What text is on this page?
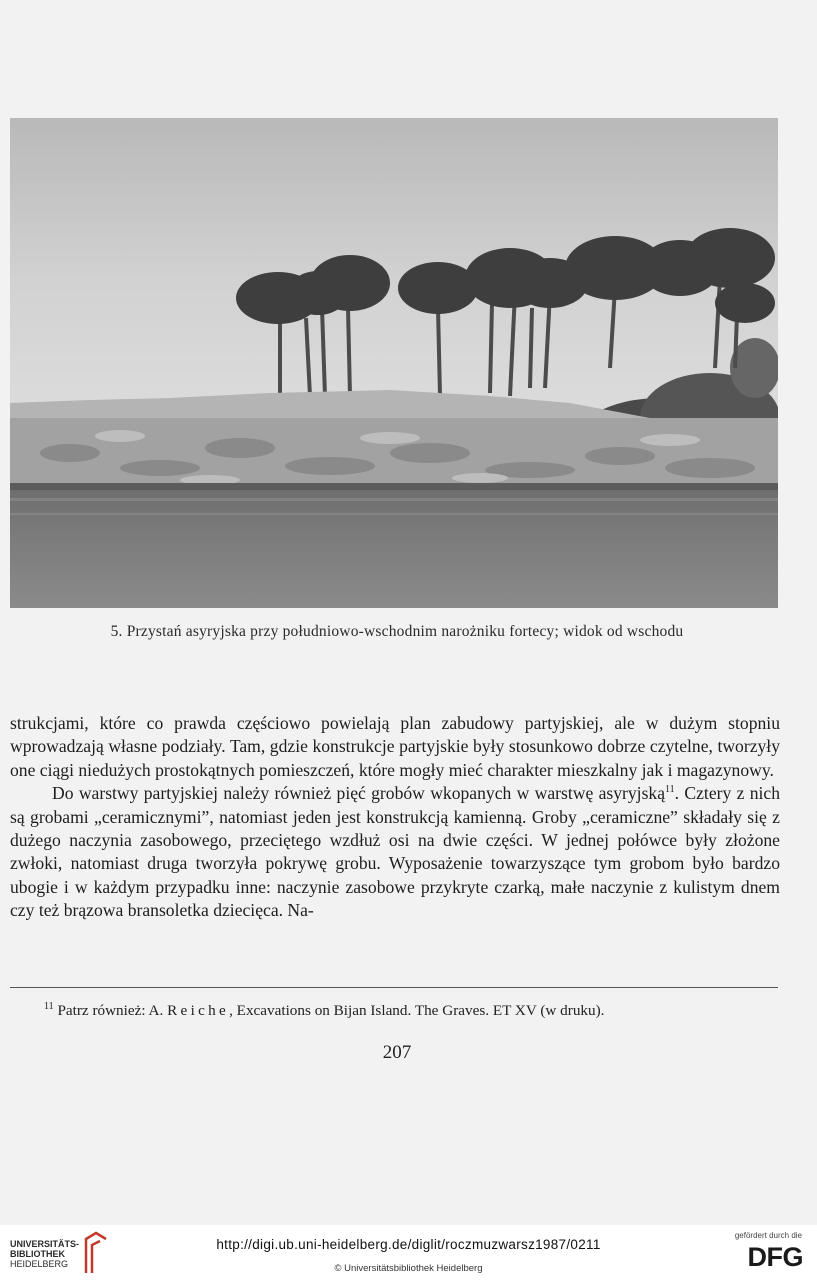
5. Przystań asyryjska przy południowo-wschodnim narożniku fortecy; widok od wschodu

strukcjami, które co prawda częściowo powielają plan zabudowy partyjskiej, ale w dużym stopniu wprowadzają własne podziały. Tam, gdzie konstrukcje partyjskie były stosunkowo dobrze czytelne, tworzyły one ciągi niedużych prostokątnych pomieszczeń, które mogły mieć charakter mieszkalny jak i magazynowy.

Do warstwy partyjskiej należy również pięć grobów wkopanych w warstwę asyryjską$^{11}$. Cztery z nich są grobami „ceramicznymi”, natomiast jeden jest konstrukcją kamienną. Groby „ceramiczne” składały się z dużego naczynia zasobowego, przeciętego wzdłuż osi na dwie części. W jednej połówce były złożone zwłoki, natomiast druga tworzyła pokrywę grobu. Wyposażenie towarzyszące tym grobom było bardzo ubogie i w każdym przypadku inne: naczynie zasobowe przykryte czarką, małe naczynie z kulistym dnem czy też brązowa bransoletka dziecięca. Na-

$^{11}$ Patrz również: A. Reiche, Excavations on Bijan Island. The Graves. ET XV (w druku).
207
UNIVERSITÄTS-
BIBLIOTHEK
HEIDELBERG
http://digi.ub.uni-heidelberg.de/diglit/roczmuzwarsz1987/0211
© Universitätsbibliothek Heidelberg
gefördert durch die
DFG
